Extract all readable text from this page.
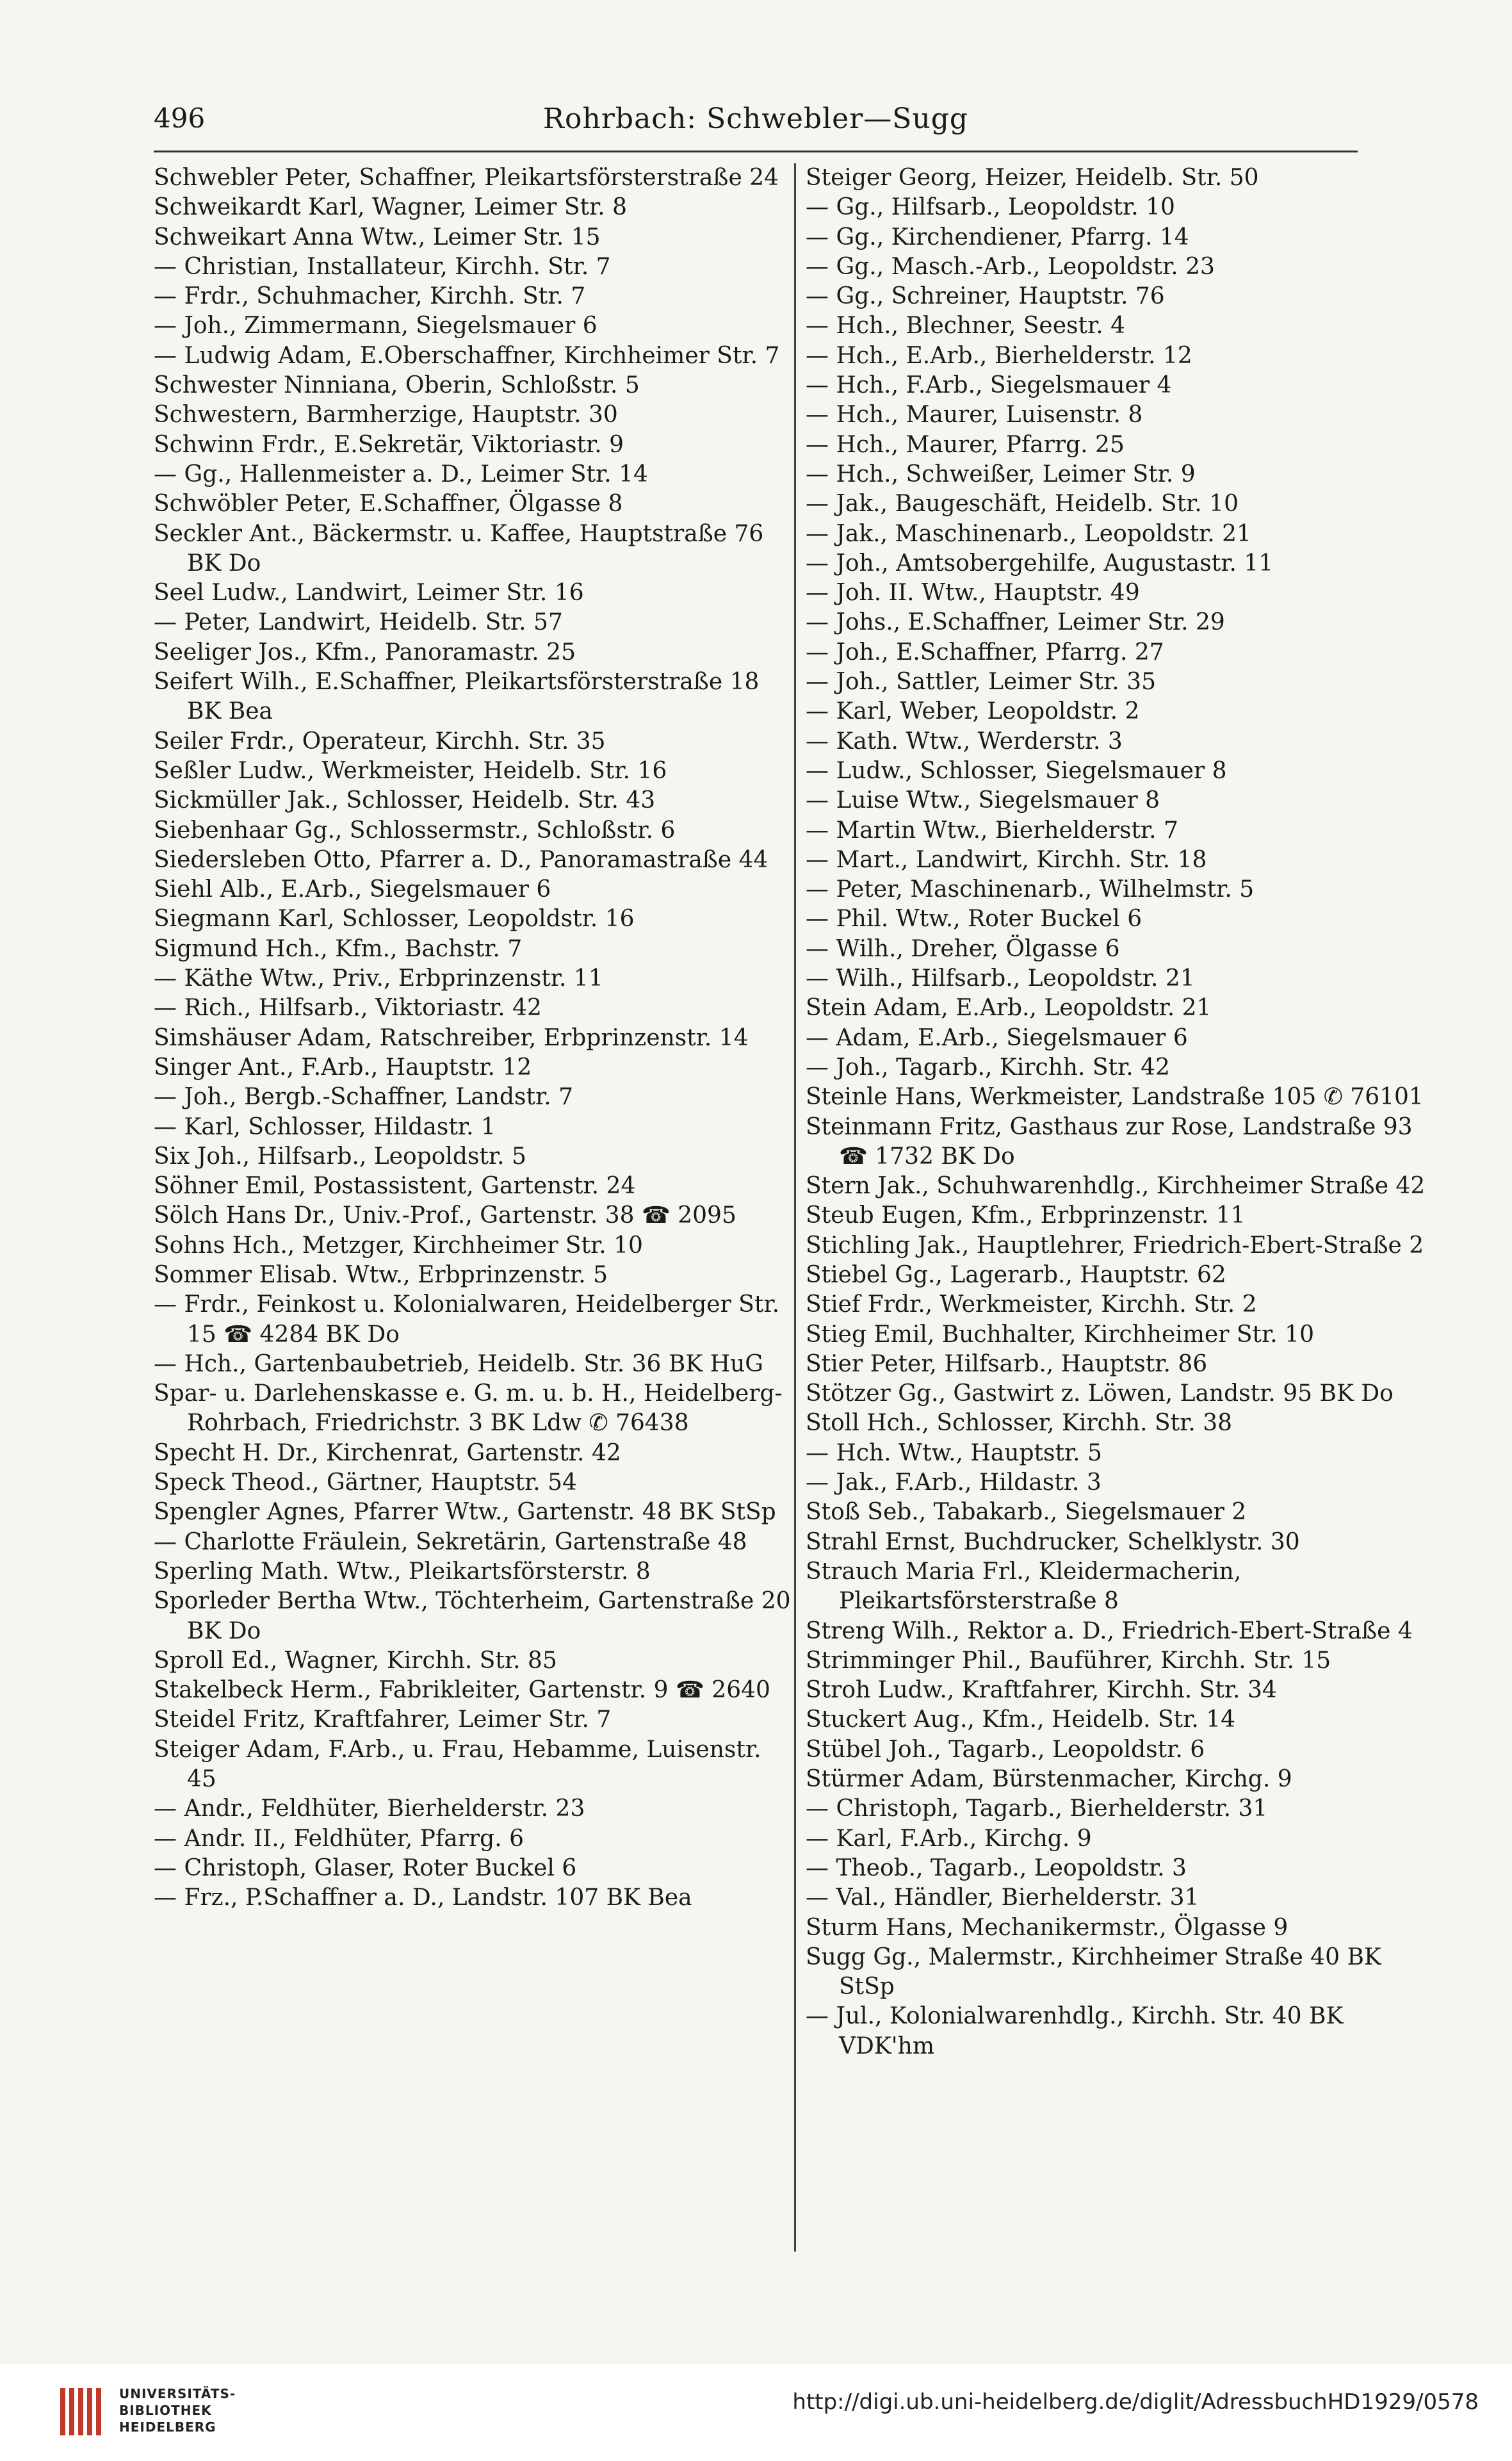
496	Rohrbach: Schwebler—Sugg

Schwebler Peter, Schaffner, Pleikartsförsterstraße 24

Schweikardt Karl, Wagner, Leimer Str. 8

Schweikart Anna Wtw., Leimer Str. 15

— Christian, Installateur, Kirchh. Str. 7

— Frdr., Schuhmacher, Kirchh. Str. 7

— Joh., Zimmermann, Siegelsmauer 6

— Ludwig Adam, E.Oberschaffner, Kirchheimer Str. 7

Schwester Ninniana, Oberin, Schloßstr. 5

Schwestern, Barmherzige, Hauptstr. 30

Schwinn Frdr., E.Sekretär, Viktoriastr. 9

— Gg., Hallenmeister a. D., Leimer Str. 14

Schwöbler Peter, E.Schaffner, Ölgasse 8

Seckler Ant., Bäckermstr. u. Kaffee, Hauptstraße 76 BK Do

Seel Ludw., Landwirt, Leimer Str. 16

— Peter, Landwirt, Heidelb. Str. 57

Seeliger Jos., Kfm., Panoramastr. 25

Seifert Wilh., E.Schaffner, Pleikartsförsterstraße 18 BK Bea

Seiler Frdr., Operateur, Kirchh. Str. 35

Seßler Ludw., Werkmeister, Heidelb. Str. 16

Sickmüller Jak., Schlosser, Heidelb. Str. 43

Siebenhaar Gg., Schlossermstr., Schloßstr. 6

Siedersleben Otto, Pfarrer a. D., Panoramastraße 44

Siehl Alb., E.Arb., Siegelsmauer 6

Siegmann Karl, Schlosser, Leopoldstr. 16

Sigmund Hch., Kfm., Bachstr. 7

— Käthe Wtw., Priv., Erbprinzenstr. 11

— Rich., Hilfsarb., Viktoriastr. 42

Simshäuser Adam, Ratschreiber, Erbprinzenstr. 14

Singer Ant., F.Arb., Hauptstr. 12

— Joh., Bergb.-Schaffner, Landstr. 7

— Karl, Schlosser, Hildastr. 1

Six Joh., Hilfsarb., Leopoldstr. 5

Söhner Emil, Postassistent, Gartenstr. 24

Sölch Hans Dr., Univ.-Prof., Gartenstr. 38 ☎ 2095

Sohns Hch., Metzger, Kirchheimer Str. 10

Sommer Elisab. Wtw., Erbprinzenstr. 5

— Frdr., Feinkost u. Kolonialwaren, Heidelberger Str. 15 ☎ 4284 BK Do

— Hch., Gartenbaubetrieb, Heidelb. Str. 36 BK HuG

Spar- u. Darlehenskasse e. G. m. u. b. H., Heidelberg-Rohrbach, Friedrichstr. 3 BK Ldw ✆ 76438

Specht H. Dr., Kirchenrat, Gartenstr. 42

Speck Theod., Gärtner, Hauptstr. 54

Spengler Agnes, Pfarrer Wtw., Gartenstr. 48 BK StSp

— Charlotte Fräulein, Sekretärin, Gartenstraße 48

Sperling Math. Wtw., Pleikartsförsterstr. 8

Sporleder Bertha Wtw., Töchterheim, Gartenstraße 20 BK Do

Sproll Ed., Wagner, Kirchh. Str. 85

Stakelbeck Herm., Fabrikleiter, Gartenstr. 9 ☎ 2640

Steidel Fritz, Kraftfahrer, Leimer Str. 7

Steiger Adam, F.Arb., u. Frau, Hebamme, Luisenstr. 45

— Andr., Feldhüter, Bierhelderstr. 23

— Andr. II., Feldhüter, Pfarrg. 6

— Christoph, Glaser, Roter Buckel 6

— Frz., P.Schaffner a. D., Landstr. 107 BK Bea

Steiger Georg, Heizer, Heidelb. Str. 50

— Gg., Hilfsarb., Leopoldstr. 10

— Gg., Kirchendiener, Pfarrg. 14

— Gg., Masch.-Arb., Leopoldstr. 23

— Gg., Schreiner, Hauptstr. 76

— Hch., Blechner, Seestr. 4

— Hch., E.Arb., Bierhelderstr. 12

— Hch., F.Arb., Siegelsmauer 4

— Hch., Maurer, Luisenstr. 8

— Hch., Maurer, Pfarrg. 25

— Hch., Schweißer, Leimer Str. 9

— Jak., Baugeschäft, Heidelb. Str. 10

— Jak., Maschinenarb., Leopoldstr. 21

— Joh., Amtsobergehilfe, Augustastr. 11

— Joh. II. Wtw., Hauptstr. 49

— Johs., E.Schaffner, Leimer Str. 29

— Joh., E.Schaffner, Pfarrg. 27

— Joh., Sattler, Leimer Str. 35

— Karl, Weber, Leopoldstr. 2

— Kath. Wtw., Werderstr. 3

— Ludw., Schlosser, Siegelsmauer 8

— Luise Wtw., Siegelsmauer 8

— Martin Wtw., Bierhelderstr. 7

— Mart., Landwirt, Kirchh. Str. 18

— Peter, Maschinenarb., Wilhelmstr. 5

— Phil. Wtw., Roter Buckel 6

— Wilh., Dreher, Ölgasse 6

— Wilh., Hilfsarb., Leopoldstr. 21

Stein Adam, E.Arb., Leopoldstr. 21

— Adam, E.Arb., Siegelsmauer 6

— Joh., Tagarb., Kirchh. Str. 42

Steinle Hans, Werkmeister, Landstraße 105 ✆ 76101

Steinmann Fritz, Gasthaus zur Rose, Landstraße 93 ☎ 1732 BK Do

Stern Jak., Schuhwarenhdlg., Kirchheimer Straße 42

Steub Eugen, Kfm., Erbprinzenstr. 11

Stichling Jak., Hauptlehrer, Friedrich-Ebert-Straße 2

Stiebel Gg., Lagerarb., Hauptstr. 62

Stief Frdr., Werkmeister, Kirchh. Str. 2

Stieg Emil, Buchhalter, Kirchheimer Str. 10

Stier Peter, Hilfsarb., Hauptstr. 86

Stötzer Gg., Gastwirt z. Löwen, Landstr. 95 BK Do

Stoll Hch., Schlosser, Kirchh. Str. 38

— Hch. Wtw., Hauptstr. 5

— Jak., F.Arb., Hildastr. 3

Stoß Seb., Tabakarb., Siegelsmauer 2

Strahl Ernst, Buchdrucker, Schelklystr. 30

Strauch Maria Frl., Kleidermacherin, Pleikartsförsterstraße 8

Streng Wilh., Rektor a. D., Friedrich-Ebert-Straße 4

Strimminger Phil., Bauführer, Kirchh. Str. 15

Stroh Ludw., Kraftfahrer, Kirchh. Str. 34

Stuckert Aug., Kfm., Heidelb. Str. 14

Stübel Joh., Tagarb., Leopoldstr. 6

Stürmer Adam, Bürstenmacher, Kirchg. 9

— Christoph, Tagarb., Bierhelderstr. 31

— Karl, F.Arb., Kirchg. 9

— Theob., Tagarb., Leopoldstr. 3

— Val., Händler, Bierhelderstr. 31

Sturm Hans, Mechanikermstr., Ölgasse 9

Sugg Gg., Malermstr., Kirchheimer Straße 40 BK StSp

— Jul., Kolonialwarenhdlg., Kirchh. Str. 40 BK VDK'hm

UNIVERSITÄTS-
BIBLIOTHEK
HEIDELBERG
http://digi.ub.uni-heidelberg.de/diglit/AdressbuchHD1929/0578
